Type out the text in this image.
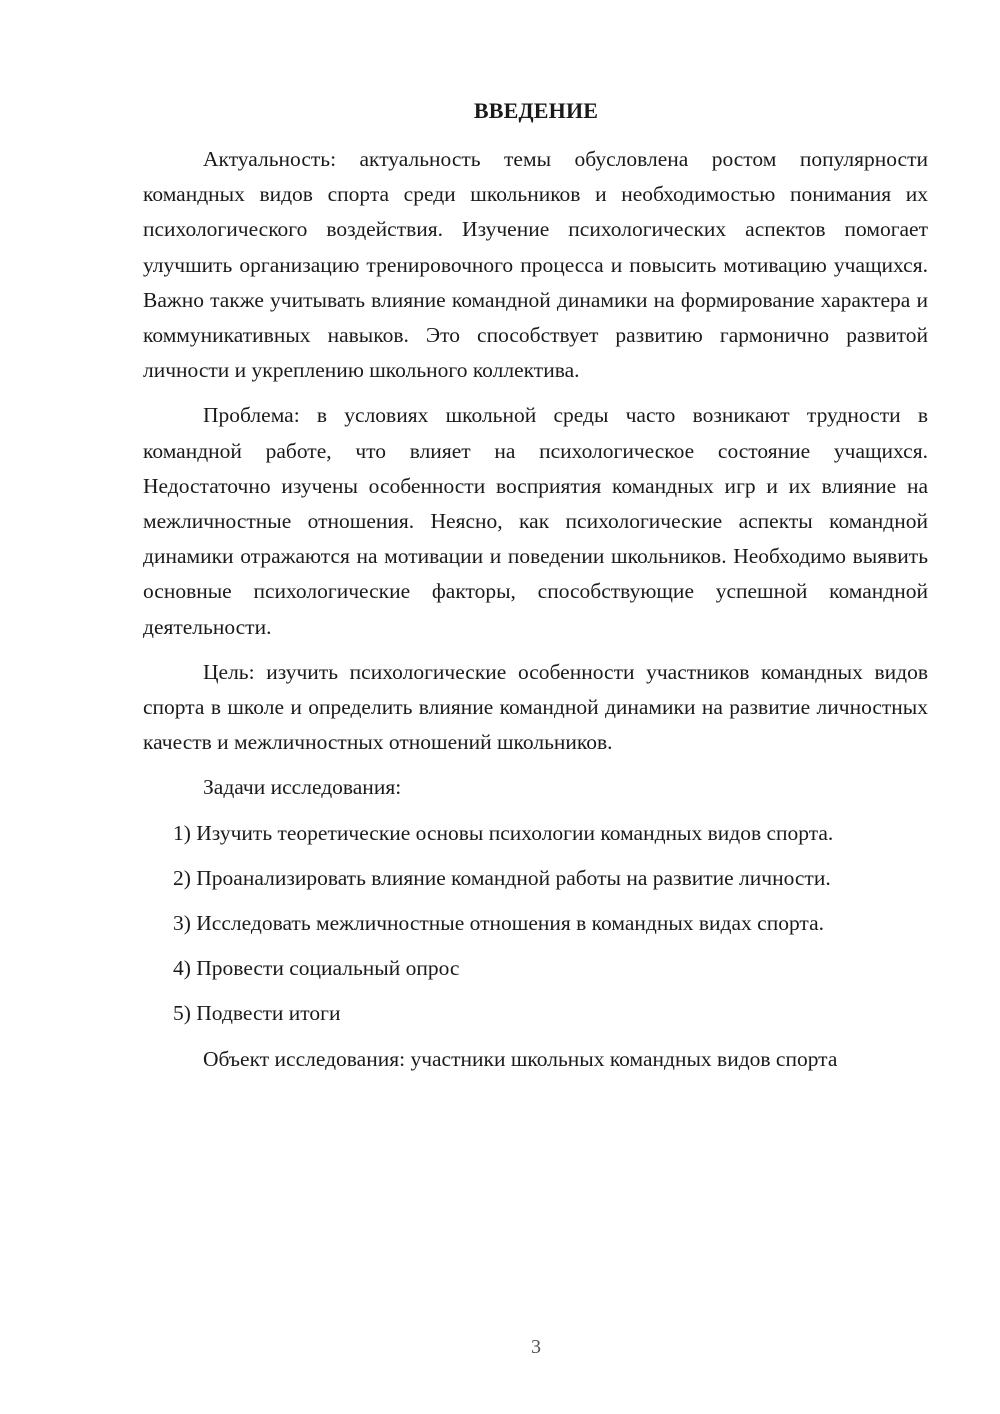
ВВЕДЕНИЕ

Актуальность: актуальность темы обусловлена ростом популярности командных видов спорта среди школьников и необходимостью понимания их психологического воздействия. Изучение психологических аспектов помогает улучшить организацию тренировочного процесса и повысить мотивацию учащихся. Важно также учитывать влияние командной динамики на формирование характера и коммуникативных навыков. Это способствует развитию гармонично развитой личности и укреплению школьного коллектива.

Проблема: в условиях школьной среды часто возникают трудности в командной работе, что влияет на психологическое состояние учащихся. Недостаточно изучены особенности восприятия командных игр и их влияние на межличностные отношения. Неясно, как психологические аспекты командной динамики отражаются на мотивации и поведении школьников. Необходимо выявить основные психологические факторы, способствующие успешной командной деятельности.

Цель: изучить психологические особенности участников командных видов спорта в школе и определить влияние командной динамики на развитие личностных качеств и межличностных отношений школьников.

Задачи исследования:

1) Изучить теоретические основы психологии командных видов спорта.

2) Проанализировать влияние командной работы на развитие личности.

3) Исследовать межличностные отношения в командных видах спорта.

4) Провести социальный опрос

5) Подвести итоги

Объект исследования: участники школьных командных видов спорта

3
